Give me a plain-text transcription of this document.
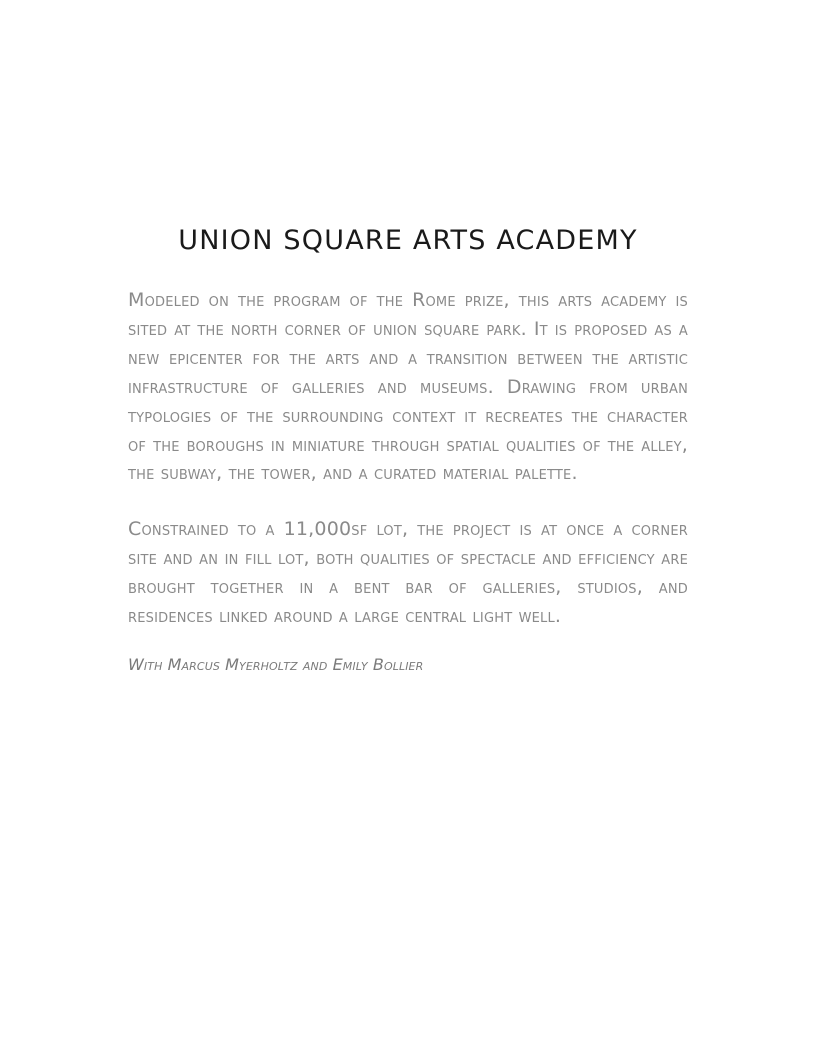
UNION SQUARE ARTS ACADEMY

Modeled on the program of the Rome prize, this arts academy is sited at the north corner of union square park. It is proposed as a new epicenter for the arts and a transition between the artistic infrastructure of galleries and museums. Drawing from urban typologies of the surrounding context it recreates the character of the boroughs in miniature through spatial qualities of the alley, the subway, the tower, and a curated material palette.

Constrained to a 11,000sf lot, the project is at once a corner site and an in fill lot, both qualities of spectacle and efficiency are brought together in a bent bar of galleries, studios, and residences linked around a large central light well.

With Marcus Myerholtz and Emily Bollier
